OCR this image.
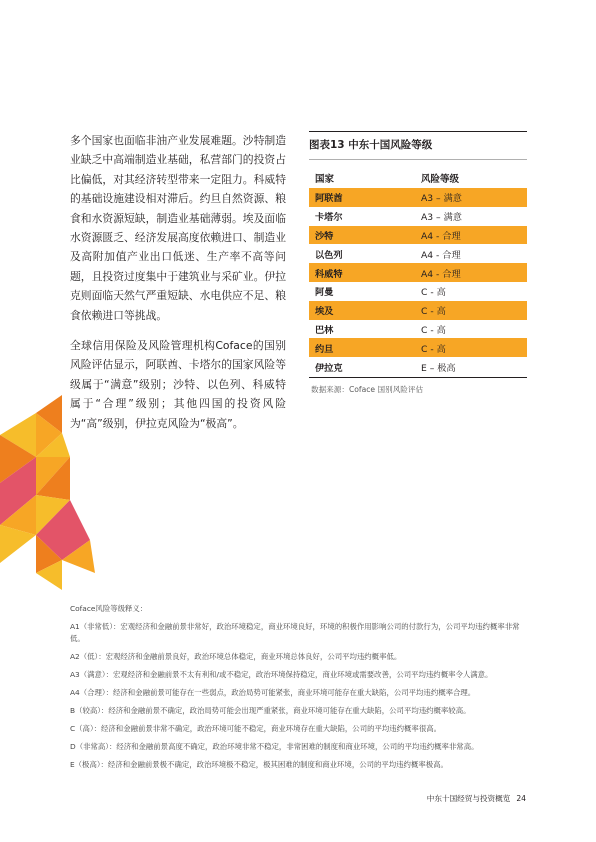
多个国家也面临非油产业发展难题。沙特制造业缺乏中高端制造业基础，私营部门的投资占比偏低，对其经济转型带来一定阻力。科威特的基础设施建设相对滞后。约旦自然资源、粮食和水资源短缺，制造业基础薄弱。埃及面临水资源匮乏、经济发展高度依赖进口、制造业及高附加值产业出口低迷、生产率不高等问题，且投资过度集中于建筑业与采矿业。伊拉克则面临天然气严重短缺、水电供应不足、粮食依赖进口等挑战。

全球信用保险及风险管理机构Coface的国别风险评估显示，阿联酋、卡塔尔的国家风险等级属于“满意”级别；沙特、以色列、科威特属于“合理”级别；其他四国的投资风险为“高”级别，伊拉克风险为“极高”。

图表13 中东十国风险等级
国家	风险等级
阿联酋	A3 – 满意
卡塔尔	A3 – 满意
沙特	A4 - 合理
以色列	A4 - 合理
科威特	A4 - 合理
阿曼	C - 高
埃及	C - 高
巴林	C - 高
约旦	C - 高
伊拉克	E – 极高
数据来源：Coface 国别风险评估
Coface风险等级释义：

A1（非常低）：宏观经济和金融前景非常好，政治环境稳定，商业环境良好，环境的积极作用影响公司的付款行为，公司平均违约概率非常低。

A2（低）：宏观经济和金融前景良好，政治环境总体稳定，商业环境总体良好，公司平均违约概率低。

A3（满意）：宏观经济和金融前景不太有利和/或不稳定，政治环境保持稳定，商业环境或需要改善，公司平均违约概率令人满意。

A4（合理）：经济和金融前景可能存在一些弱点，政治局势可能紧张，商业环境可能存在重大缺陷，公司平均违约概率合理。

B（较高）：经济和金融前景不确定，政治局势可能会出现严重紧张，商业环境可能存在重大缺陷，公司平均违约概率较高。

C（高）：经济和金融前景非常不确定，政治环境可能不稳定，商业环境存在重大缺陷，公司的平均违约概率很高。

D（非常高）：经济和金融前景高度不确定，政治环境非常不稳定，非常困难的制度和商业环境，公司的平均违约概率非常高。

E（极高）：经济和金融前景极不确定，政治环境极不稳定，极其困难的制度和商业环境，公司的平均违约概率极高。

中东十国经贸与投资概览 24
